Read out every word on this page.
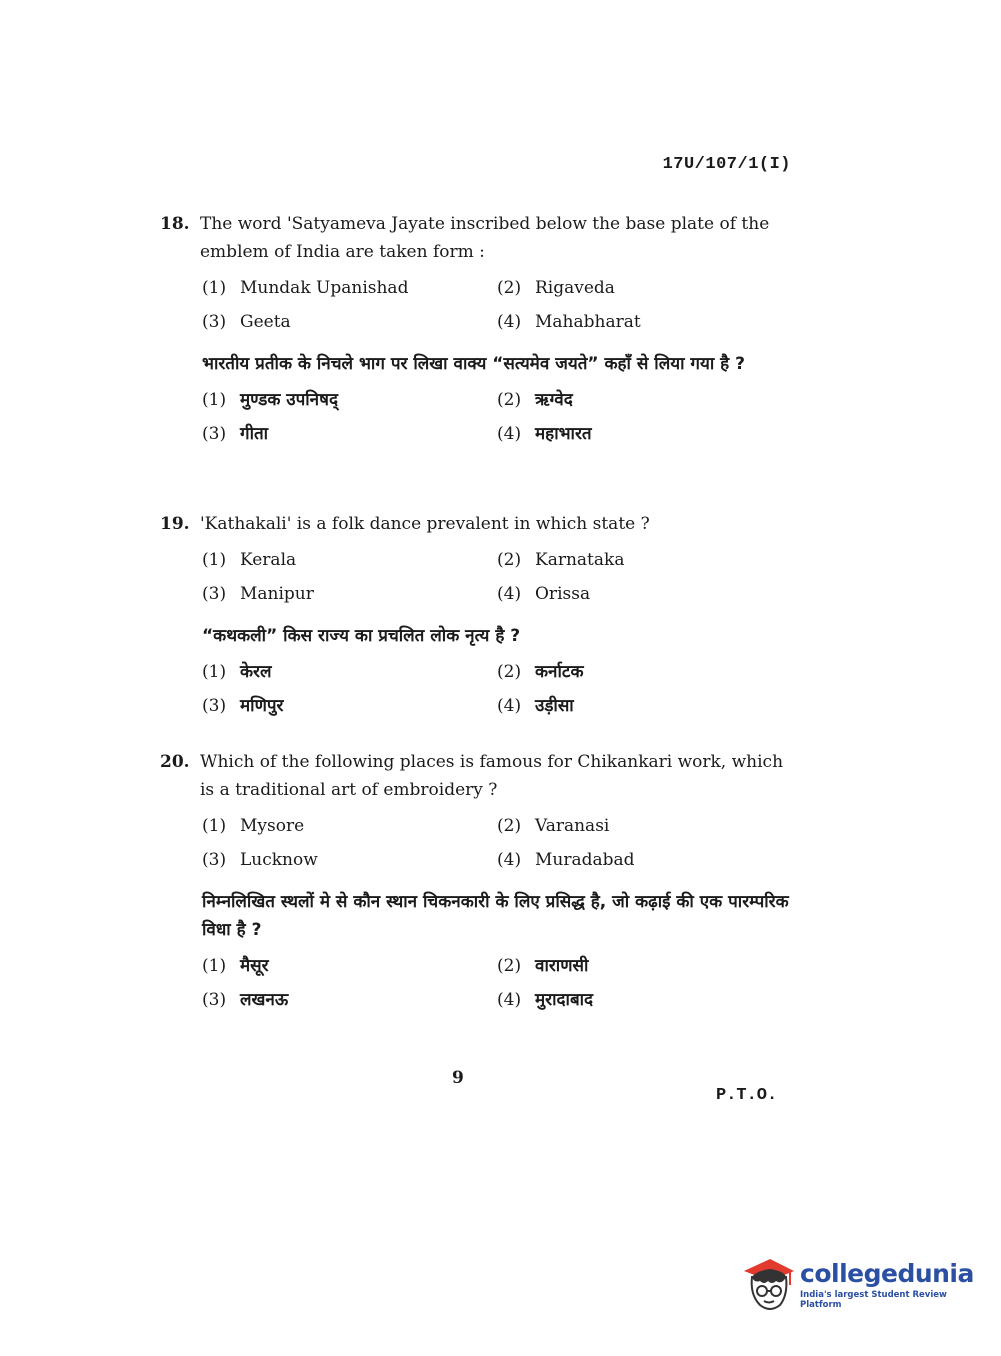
17U/107/1(I)
18. The word 'Satyameva Jayate inscribed below the base plate of the emblem of India are taken form :
(1) Mundak Upanishad	(2) Rigaveda
(3) Geeta	(4) Mahabharat
भारतीय प्रतीक के निचले भाग पर लिखा वाक्य “सत्यमेव जयते” कहाँ से लिया गया है ?
(1) मुण्डक उपनिषद्	(2) ऋग्वेद
(3) गीता	(4) महाभारत
19. 'Kathakali' is a folk dance prevalent in which state ?
(1) Kerala	(2) Karnataka
(3) Manipur	(4) Orissa
“कथकली” किस राज्य का प्रचलित लोक नृत्य है ?
(1) केरल	(2) कर्नाटक
(3) मणिपुर	(4) उड़ीसा
20. Which of the following places is famous for Chikankari work, which is a traditional art of embroidery ?
(1) Mysore	(2) Varanasi
(3) Lucknow	(4) Muradabad
निम्नलिखित स्थलों मे से कौन स्थान चिकनकारी के लिए प्रसिद्ध है, जो कढ़ाई की एक पारम्परिक विधा है ?
(1) मैसूर	(2) वाराणसी
(3) लखनऊ	(4) मुरादाबाद
9
P.T.O.
collegedunia
India's largest Student Review Platform
